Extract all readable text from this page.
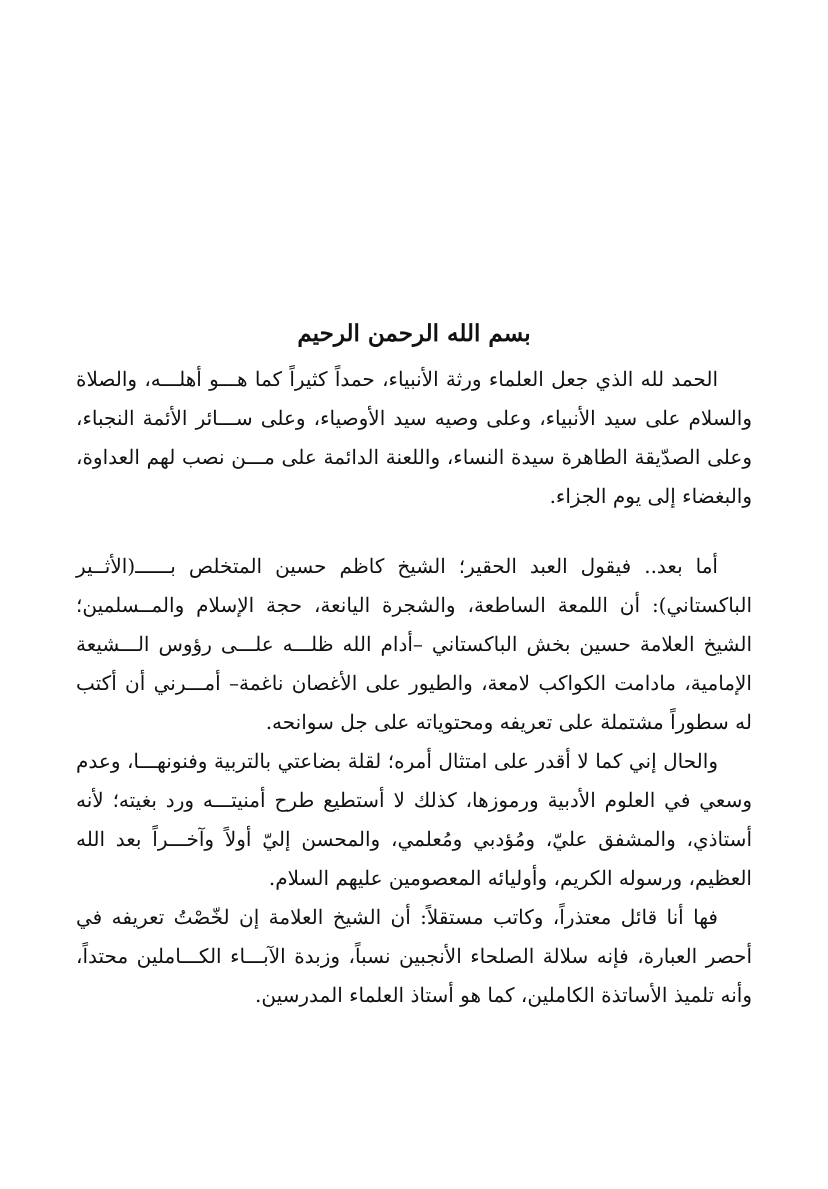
بسم الله الرحمن الرحيم

الحمد لله الذي جعل العلماء ورثة الأنبياء، حمداً كثيراً كما هـــو أهلـــه، والصلاة والسلام على سيد الأنبياء، وعلى وصيه سيد الأوصياء، وعلى ســـائر الأئمة النجباء، وعلى الصدّيقة الطاهرة سيدة النساء، واللعنة الدائمة على مـــن نصب لهم العداوة، والبغضاء إلى يوم الجزاء.

أما بعد.. فيقول العبد الحقير؛ الشيخ كاظم حسين المتخلص بــــــ(الأثــير الباكستاني): أن اللمعة الساطعة، والشجرة اليانعة، حجة الإسلام والمــسلمين؛ الشيخ العلامة حسين بخش الباكستاني –أدام الله ظلـــه علـــى رؤوس الـــشيعة الإمامية، مادامت الكواكب لامعة، والطيور على الأغصان ناغمة– أمـــرني أن أكتب له سطوراً مشتملة على تعريفه ومحتوياته على جل سوانحه.

والحال إني كما لا أقدر على امتثال أمره؛ لقلة بضاعتي بالتربية وفنونهـــا، وعدم وسعي في العلوم الأدبية ورموزها، كذلك لا أستطيع طرح أمنيتـــه ورد بغيته؛ لأنه أستاذي، والمشفق عليّ، ومُؤدبي ومُعلمي، والمحسن إليّ أولاً وآخـــراً بعد الله العظيم، ورسوله الكريم، وأوليائه المعصومين عليهم السلام.

فها أنا قائل معتذراً، وكاتب مستقلاً: أن الشيخ العلامة إن لخّصْتُ تعريفه في أحصر العبارة، فإنه سلالة الصلحاء الأنجبين نسباً، وزبدة الآبـــاء الكـــاملين محتداً، وأنه تلميذ الأساتذة الكاملين، كما هو أستاذ العلماء المدرسين.
